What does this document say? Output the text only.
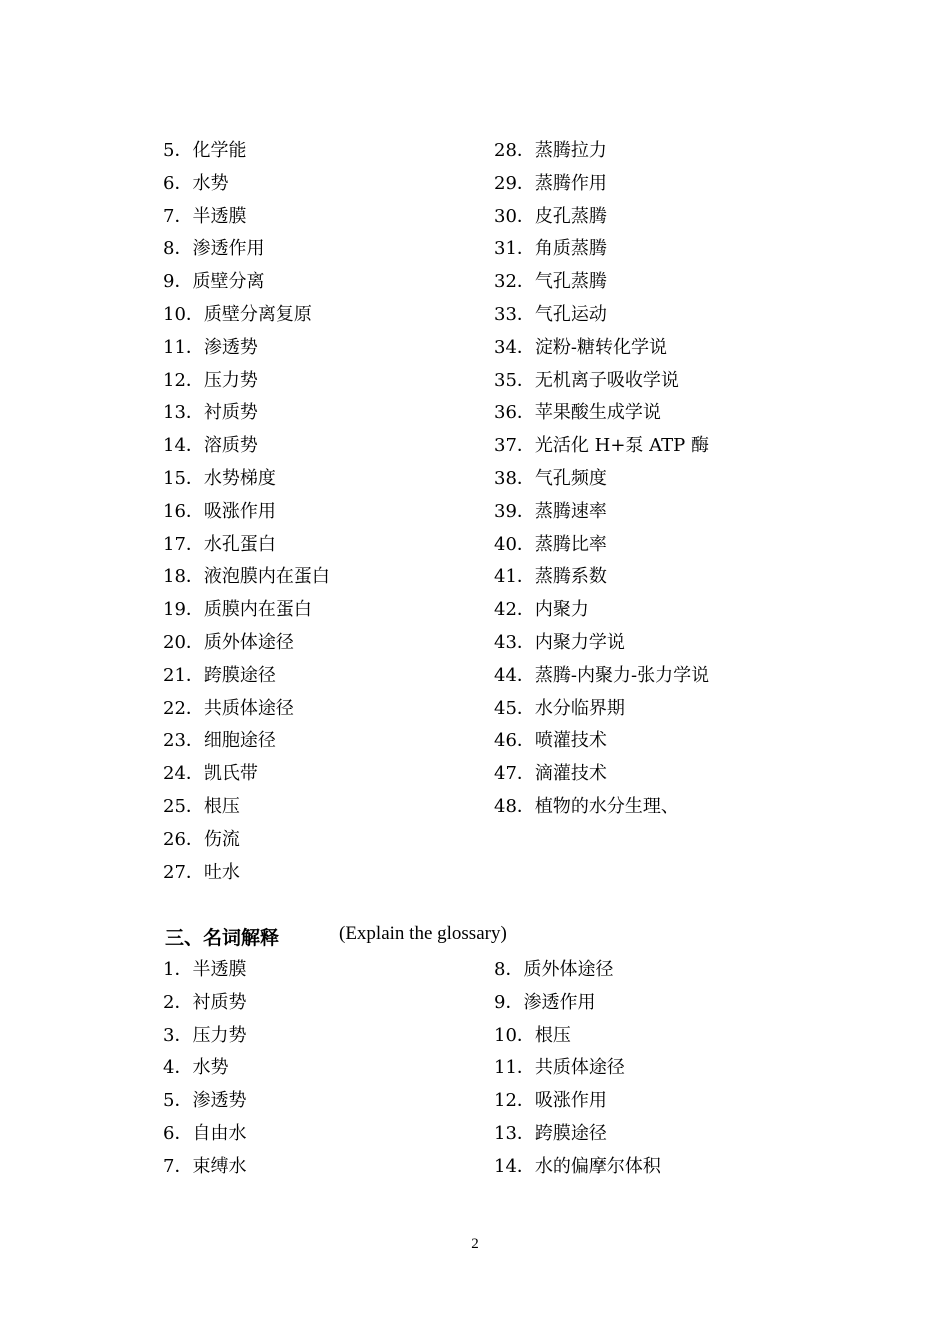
三、名词解释	(Explain the glossary)
2
5．化学能
6．水势
7．半透膜
8．渗透作用
9．质壁分离
10．质壁分离复原
11．渗透势
12．压力势
13．衬质势
14．溶质势
15．水势梯度
16．吸涨作用
17．水孔蛋白
18．液泡膜内在蛋白
19．质膜内在蛋白
20．质外体途径
21．跨膜途径
22．共质体途径
23．细胞途径
24．凯氏带
25．根压
26．伤流
27．吐水
28．蒸腾拉力
29．蒸腾作用
30．皮孔蒸腾
31．角质蒸腾
32．气孔蒸腾
33．气孔运动
34．淀粉-糖转化学说
35．无机离子吸收学说
36．苹果酸生成学说
37．光活化 H+泵 ATP 酶
38．气孔频度
39．蒸腾速率
40．蒸腾比率
41．蒸腾系数
42．内聚力
43．内聚力学说
44．蒸腾-内聚力-张力学说
45．水分临界期
46．喷灌技术
47．滴灌技术
48．植物的水分生理、
1．半透膜
2．衬质势
3．压力势
4．水势
5．渗透势
6．自由水
7．束缚水
8．质外体途径
9．渗透作用
10．根压
11．共质体途径
12．吸涨作用
13．跨膜途径
14．水的偏摩尔体积
